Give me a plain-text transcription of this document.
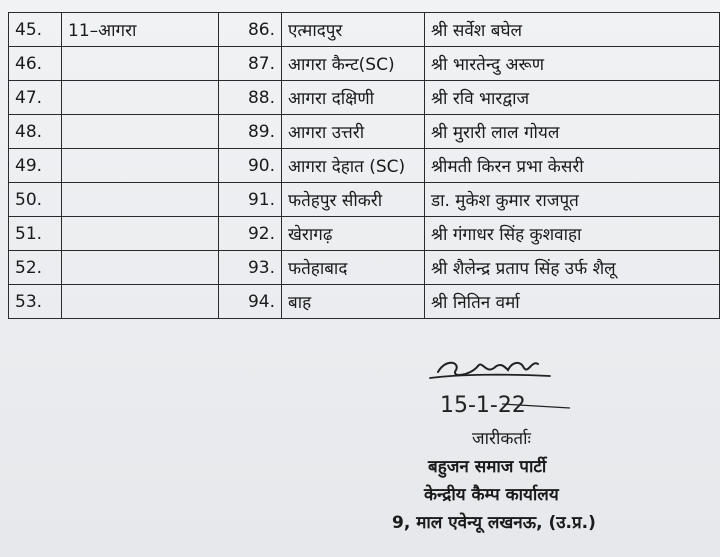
45.	11–आगरा	86.	एत्मादपुर	श्री सर्वेश बघेल
46.		87.	आगरा कैन्ट(SC)	श्री भारतेन्दु अरूण
47.		88.	आगरा दक्षिणी	श्री रवि भारद्वाज
48.		89.	आगरा उत्तरी	श्री मुरारी लाल गोयल
49.		90.	आगरा देहात (SC)	श्रीमती किरन प्रभा केसरी
50.		91.	फतेहपुर सीकरी	डा. मुकेश कुमार राजपूत
51.		92.	खेरागढ़	श्री गंगाधर सिंह कुशवाहा
52.		93.	फतेहाबाद	श्री शैलेन्द्र प्रताप सिंह उर्फ शैलू
53.		94.	बाह	श्री नितिन वर्मा
15-1-22
जारीकर्ताः
बहुजन समाज पार्टी
केन्द्रीय कैम्प कार्यालय
9, माल एवेन्यू लखनऊ, (उ.प्र.)
